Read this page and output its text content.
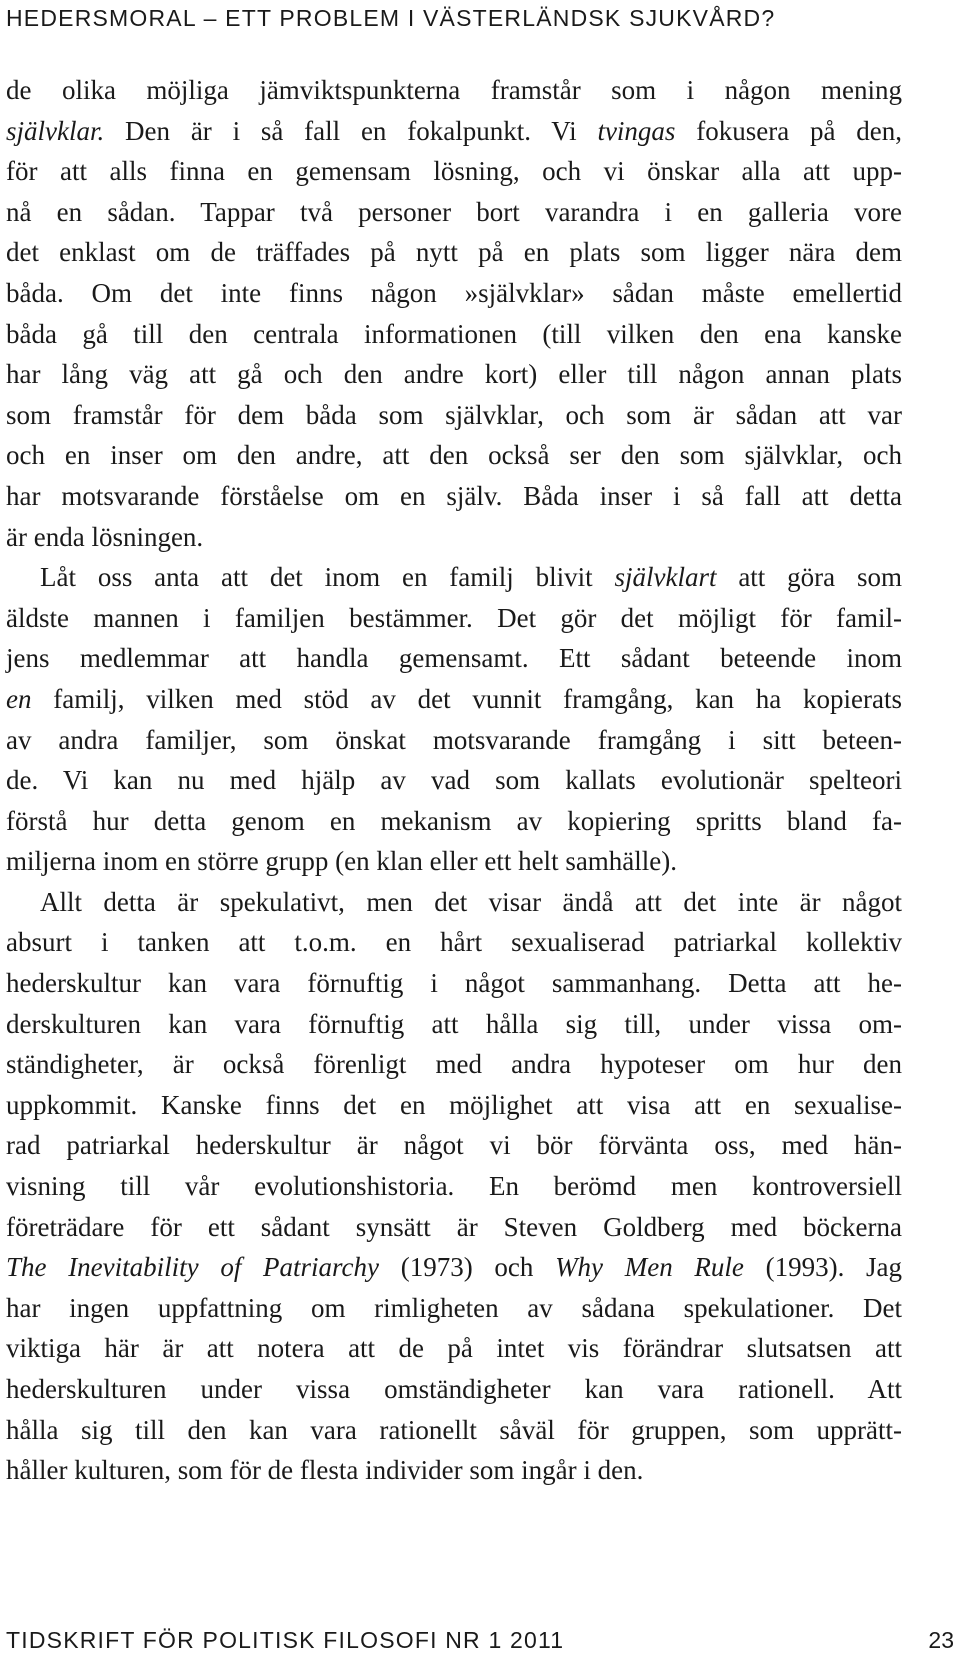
HEDERSMORAL – ETT PROBLEM I VÄSTERLÄNDSK SJUKVÅRD?
de olika möjliga jämviktspunkterna framstår som i någon mening
självklar. Den är i så fall en fokalpunkt. Vi tvingas fokusera på den,
för att alls finna en gemensam lösning, och vi önskar alla att upp-
nå en sådan. Tappar två personer bort varandra i en galleria vore
det enklast om de träffades på nytt på en plats som ligger nära dem
båda. Om det inte finns någon »självklar» sådan måste emellertid
båda gå till den centrala informationen (till vilken den ena kanske
har lång väg att gå och den andre kort) eller till någon annan plats
som framstår för dem båda som självklar, och som är sådan att var
och en inser om den andre, att den också ser den som självklar, och
har motsvarande förståelse om en själv. Båda inser i så fall att detta
är enda lösningen.
Låt oss anta att det inom en familj blivit självklart att göra som
äldste mannen i familjen bestämmer. Det gör det möjligt för famil-
jens medlemmar att handla gemensamt. Ett sådant beteende inom
en familj, vilken med stöd av det vunnit framgång, kan ha kopierats
av andra familjer, som önskat motsvarande framgång i sitt beteen-
de. Vi kan nu med hjälp av vad som kallats evolutionär spelteori
förstå hur detta genom en mekanism av kopiering spritts bland fa-
miljerna inom en större grupp (en klan eller ett helt samhälle).
Allt detta är spekulativt, men det visar ändå att det inte är något
absurt i tanken att t.o.m. en hårt sexualiserad patriarkal kollektiv
hederskultur kan vara förnuftig i något sammanhang. Detta att he-
derskulturen kan vara förnuftig att hålla sig till, under vissa om-
ständigheter, är också förenligt med andra hypoteser om hur den
uppkommit. Kanske finns det en möjlighet att visa att en sexualise-
rad patriarkal hederskultur är något vi bör förvänta oss, med hän-
visning till vår evolutionshistoria. En berömd men kontroversiell
företrädare för ett sådant synsätt är Steven Goldberg med böckerna
The Inevitability of Patriarchy (1973) och Why Men Rule (1993). Jag
har ingen uppfattning om rimligheten av sådana spekulationer. Det
viktiga här är att notera att de på intet vis förändrar slutsatsen att
hederskulturen under vissa omständigheter kan vara rationell. Att
hålla sig till den kan vara rationellt såväl för gruppen, som upprätt-
håller kulturen, som för de flesta individer som ingår i den.
TIDSKRIFT FÖR POLITISK FILOSOFI NR 1 2011	23
